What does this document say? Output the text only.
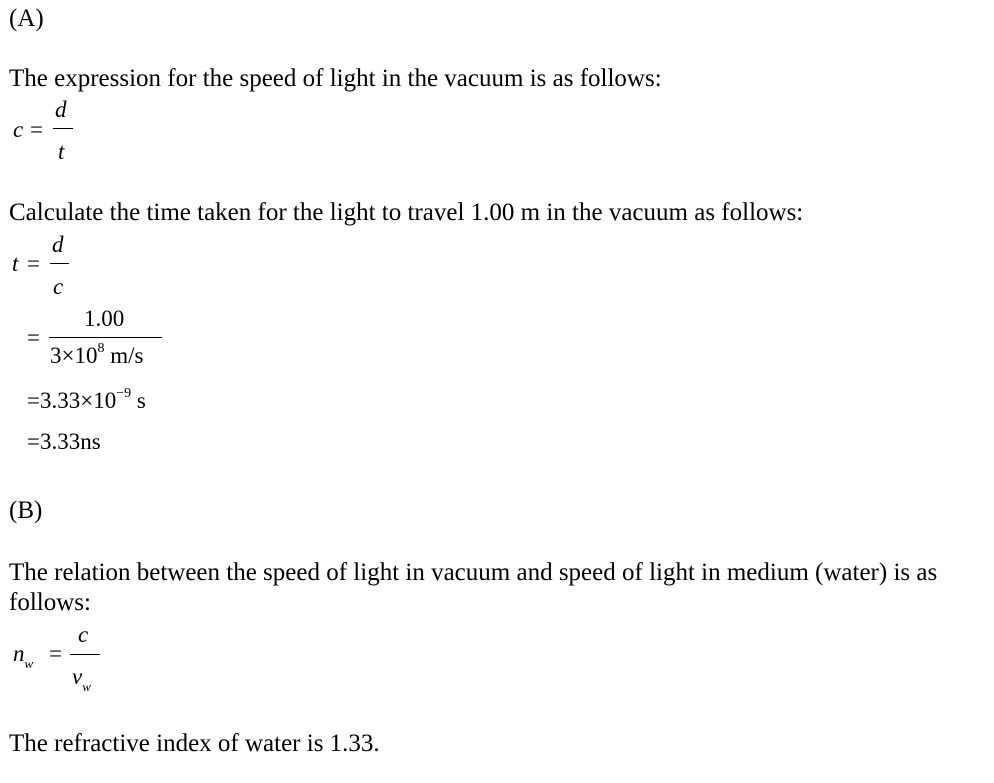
(A)
The expression for the speed of light in the vacuum is as follows:
c =
d
t
Calculate the time taken for the light to travel 1.00 m in the vacuum as follows:
t =
d
c
=
1.00
$3\times 10^8$ m/s
$=3.33\times 10^{-9}$ s
=3.33ns
(B)
The relation between the speed of light in vacuum and speed of light in medium (water) is as follows:
$n_w$ =
c
$v_w$
The refractive index of water is 1.33.
